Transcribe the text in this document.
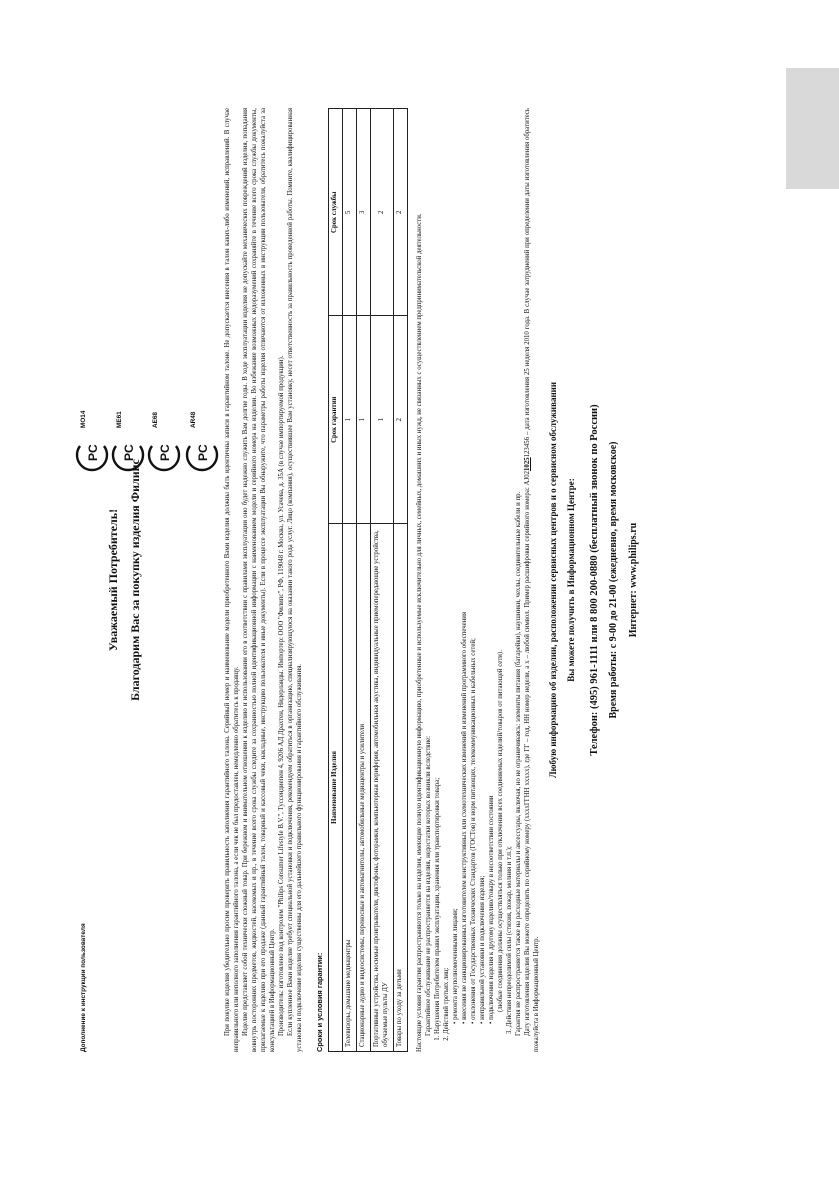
Дополнение к инструкции пользователя
Уважаемый Потребитель! Благодарим Вас за покупку изделия Филипс
PC
AR48
PC
AE68
PC
ME61
PC
MO14	При покупке изделия убедительно просим проверить правильность заполнения гарантийного талона. Серийный номер и наименование модели приобретенного Вами изделия должны быть идентичны записи в гарантийном талоне. Не допускается внесения в талон каких-либо изменений, исправлений. В случае неправильного или неполного заполнения гарантийного талона, а если чек не был предоставлен, немедленно обратитесь к продавцу. Изделие представляет собой технически сложный товар. При бережном и внимательном отношении к изделию и использовании его в соответствии с правилами эксплуатации оно будет надежно служить Вам долгие годы. В ходе эксплуатации изделия не допускайте механических повреждений изделия, попадания вовнутрь посторонних предметов, жидкостей, насекомых и пр., в течение всего срока службы следите за сохранностью полной идентификационной информации с наименованием модели и серийного номера на изделии. Во избежание возможных недоразумений сохраняйте в течение всего срока службы документы, прилагаемые к изделию при его продаже (данный гарантийный талон, товарный и кассовый чеки, накладные, инструкцию пользователя и иные документы). Если в процессе эксплуатации Вы обнаружите, что параметры работы изделия отличаются от изложенных в инструкции пользователя, обратитесь пожалуйста за консультацией в Информационный Центр. Производитель: изготовлено под контролем "Philips Consumer Lifestyle B.V.", Туссендиепен 4, 9206 АД Драхтен, Нидерланды. Импортер: ООО "Филипс", РФ, 119048 г. Москва, ул. Усачева, д. 35А (в случае импортируемой продукции). Если купленное Вами изделие требует специальной установки и подключения, рекомендуем обратиться в организацию, специализирующуюся на оказании такого рода услуг. Лицо (компания), осуществившее Вам установку, несет ответственность за правильность проведенной работы. Помните, квалифицированная установка и подключение изделия существенны для его дальнейшего правильного функционирования и гарантийного обслуживания. Сроки и условия гарантии:
Наименование Изделия	Срок гарантии	Срок службы
Телевизоры, домашние медиацентры	1	5
Стационарные аудио и видеосистемы, переносные и автомагнитолы, автомобильные медиацентры и усилители	1	3
Портативные устройства, носимые проигрыватели, диктофоны, фоторамки, компьютерная периферия, автомобильная акустика, индивидуальные приемопередающие устройства, обучаемые пульты ДУ	1	2
Товары по уходу за детьми	2	2

Настоящие условия гарантии распространяются только на изделия, имеющие полную идентификационную информацию, приобретенные и используемые исключительно для личных, семейных, домашних и иных нужд, не связанных с осуществлением предпринимательской деятельности. Гарантийное обслуживание не распространяется на изделия, недостатки которых возникли вследствие: 1. Нарушения Потребителем правил эксплуатации, хранения или транспортировки товара; 2. Действий третьих лиц: • ремонта неуполномоченными лицами; • внесения не санкционированных изготовителем конструктивных или схемотехнических изменений и изменений программного обеспечения • отклонения от Государственных Технических Стандартов (ГОСТов) и норм питающих, телекоммуникационных и кабельных сетей; • неправильной установки и подключения изделия; • подключения изделия к другому изделию/товару в несоответствии состоянии (любые соединения должны осуществляться только при отключении всех соединяемых изделий/товаров от питающей сети). 3. Действия непреодолимой силы (стихия, пожар, молния и т.п.); Гарантия не распространяется также на расходные материалы и аксессуары, включая, но не ограничиваясь: элементы питания (батарейки), наушники, чехлы, соединительные кабели и пр. Дату изготовления изделия Вы можете определить по серийному номеру (xxxxГГНН xxxxx), где ГГ – год, НН номер недели, а x – любой символ. Пример расшифровки серийного номера: AJ021025123456 – дата изготовления 25 неделя 2010 года. В случае затруднений при определении даты изготовления обратитесь пожалуйста в Информационный Центр.

Любую информацию об изделии, расположении сервисных центров и о сервисном обслуживании Вы можете получить в Информационном Центре: Телефон: (495) 961-1111 или 8 800 200-0880 (бесплатный звонок по России) Время работы: с 9-00 до 21-00 (ежедневно, время московское) Интернет: www.philips.ru
